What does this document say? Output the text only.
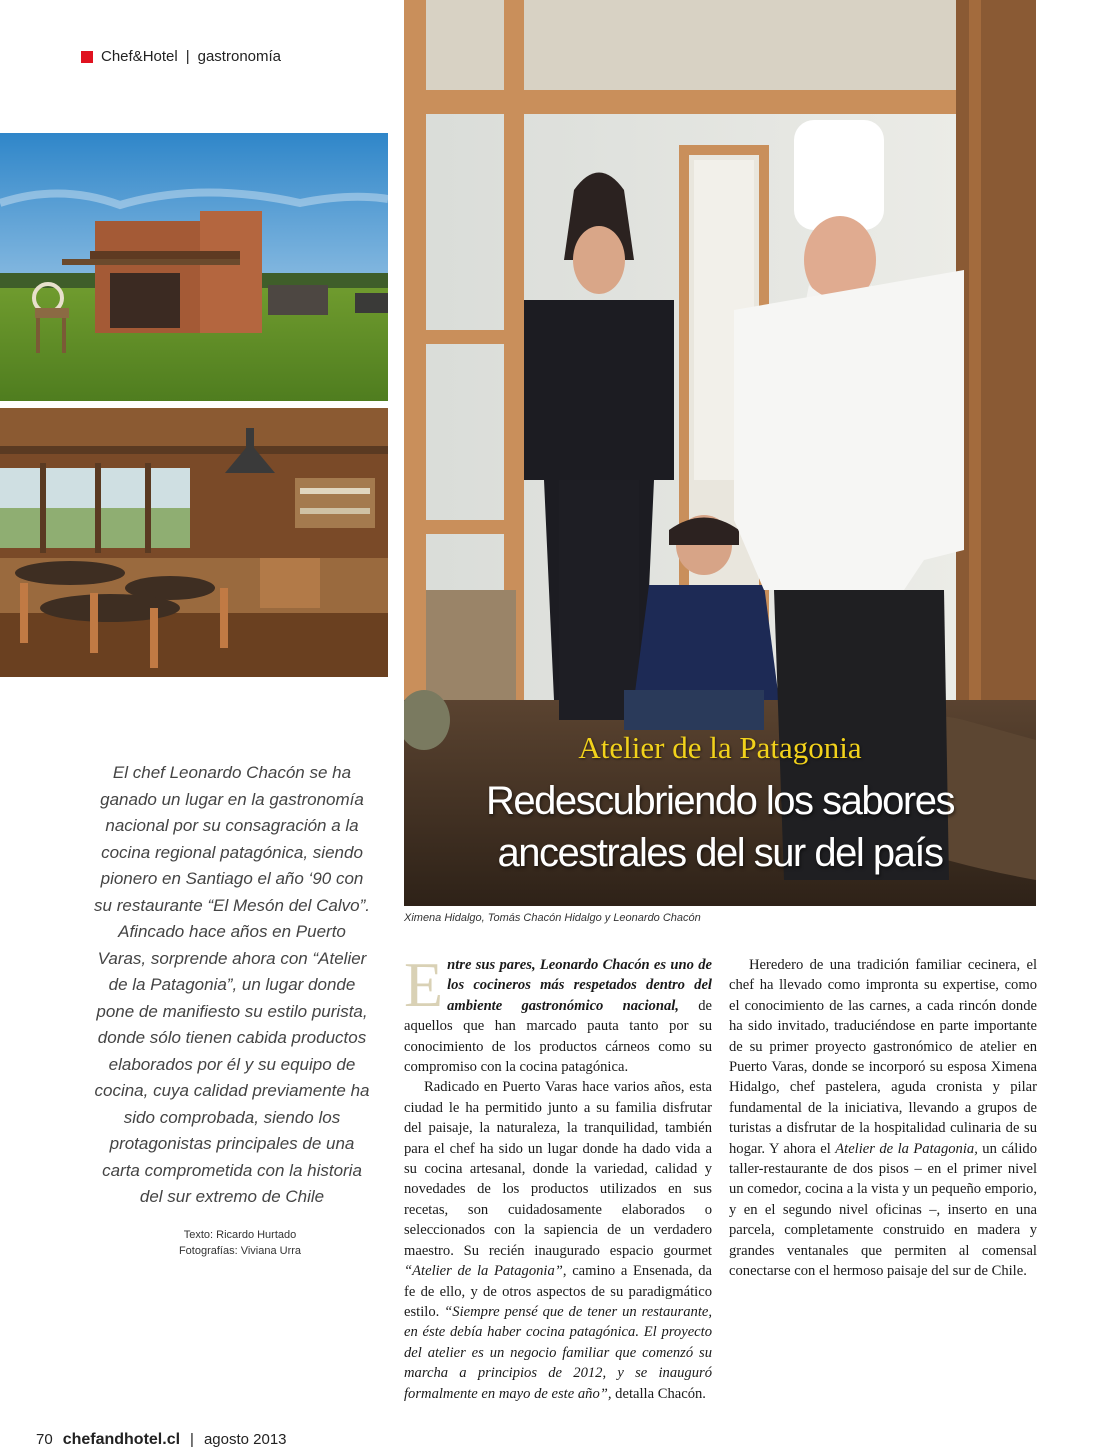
Chef&Hotel | gastronomía
Atelier de la Patagonia
Redescubriendo los sabores
ancestrales del sur del país
Ximena Hidalgo, Tomás Chacón Hidalgo y Leonardo Chacón
El chef Leonardo Chacón se ha ganado un lugar en la gastronomía nacional por su consagración a la cocina regional patagónica, siendo pionero en Santiago el año ‘90 con su restaurante “El Mesón del Calvo”. Afincado hace años en Puerto Varas, sorprende ahora con “Atelier de la Patagonia”, un lugar donde pone de manifiesto su estilo purista, donde sólo tienen cabida productos elaborados por él y su equipo de cocina, cuya calidad previamente ha sido comprobada, siendo los protagonistas principales de una carta comprometida con la historia del sur extremo de Chile
Texto: Ricardo Hurtado
Fotografías: Viviana Urra

Entre sus pares, Leonardo Chacón es uno de los cocineros más respetados dentro del ambiente gastronómico nacional, de aquellos que han marcado pauta tanto por su conocimiento de los productos cárneos como su compromiso con la cocina patagónica.

Radicado en Puerto Varas hace varios años, esta ciudad le ha permitido junto a su familia disfrutar del paisaje, la naturaleza, la tranquilidad, también para el chef ha sido un lugar donde ha dado vida a su cocina artesanal, donde la variedad, calidad y novedades de los productos utilizados en sus recetas, son cuidadosamente elaborados o seleccionados con la sapiencia de un verdadero maestro. Su recién inaugurado espacio gourmet “Atelier de la Patagonia”, camino a Ensenada, da fe de ello, y de otros aspectos de su paradigmático estilo. “Siempre pensé que de tener un restaurante, en éste debía haber cocina patagónica. El proyecto del atelier es un negocio familiar que comenzó su marcha a principios de 2012, y se inauguró formalmente en mayo de este año”, detalla Chacón.

Heredero de una tradición familiar cecinera, el chef ha llevado como impronta su expertise, como el conocimiento de las carnes, a cada rincón donde ha sido invitado, traduciéndose en parte importante de su primer proyecto gastronómico de atelier en Puerto Varas, donde se incorporó su esposa Ximena Hidalgo, chef pastelera, aguda cronista y pilar fundamental de la iniciativa, llevando a grupos de turistas a disfrutar de la hospitalidad culinaria de su hogar. Y ahora el Atelier de la Patagonia, un cálido taller-restaurante de dos pisos – en el primer nivel un comedor, cocina a la vista y un pequeño emporio, y en el segundo nivel oficinas –, inserto en una parcela, completamente construido en madera y grandes ventanales que permiten al comensal conectarse con el hermoso paisaje del sur de Chile.

70 chefandhotel.cl | agosto 2013
